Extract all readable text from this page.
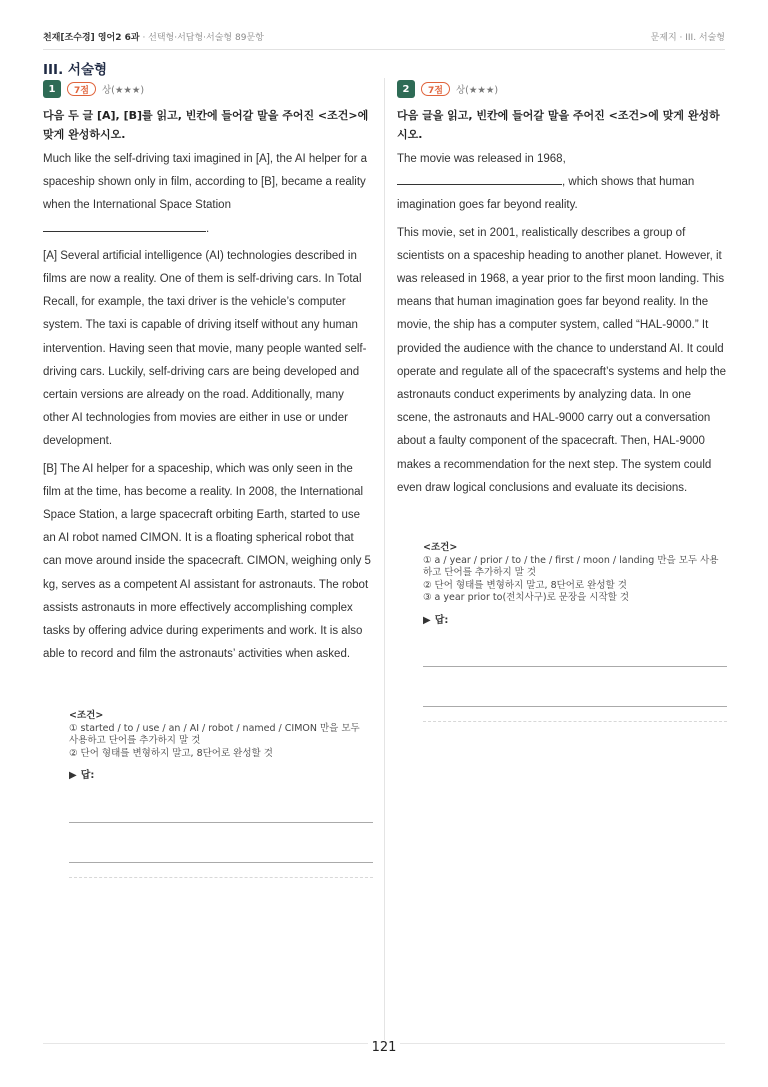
천재[조수경] 영어2 6과 · 선택형·서답형·서술형 89문항	문제지 · III. 서술형
III. 서술형
1	7점	상(★★★)
다음 두 글 [A], [B]를 읽고, 빈칸에 들어갈 말을 주어진 <조건>에 맞게 완성하시오.
Much like the self-driving taxi imagined in [A], the AI helper for a spaceship shown only in film, according to [B], became a reality when the International Space Station
.
[A] Several artificial intelligence (AI) technologies described in films are now a reality. One of them is self-driving cars. In Total Recall, for example, the taxi driver is the vehicle’s computer system. The taxi is capable of driving itself without any human intervention. Having seen that movie, many people wanted self-driving cars. Luckily, self-driving cars are being developed and certain versions are already on the road. Additionally, many other AI technologies from movies are either in use or under development.
[B] The AI helper for a spaceship, which was only seen in the film at the time, has become a reality. In 2008, the International Space Station, a large spacecraft orbiting Earth, started to use an AI robot named CIMON. It is a floating spherical robot that can move around inside the spacecraft. CIMON, weighing only 5 kg, serves as a competent AI assistant for astronauts. The robot assists astronauts in more effectively accomplishing complex tasks by offering advice during experiments and work. It is also able to record and film the astronauts’ activities when asked.
<조건>
① started / to / use / an / AI / robot / named / CIMON 만을 모두 사용하고 단어를 추가하지 말 것
② 단어 형태를 변형하지 말고, 8단어로 완성할 것
▶ 답:
2	7점	상(★★★)
다음 글을 읽고, 빈칸에 들어갈 말을 주어진 <조건>에 맞게 완성하시오.
The movie was released in 1968,
, which shows that human imagination goes far beyond reality.
This movie, set in 2001, realistically describes a group of scientists on a spaceship heading to another planet. However, it was released in 1968, a year prior to the first moon landing. This means that human imagination goes far beyond reality. In the movie, the ship has a computer system, called “HAL-9000.” It provided the audience with the chance to understand AI. It could operate and regulate all of the spacecraft’s systems and help the astronauts conduct experiments by analyzing data. In one scene, the astronauts and HAL-9000 carry out a conversation about a faulty component of the spacecraft. Then, HAL-9000 makes a recommendation for the next step. The system could even draw logical conclusions and evaluate its decisions.
<조건>
① a / year / prior / to / the / first / moon / landing 만을 모두 사용하고 단어를 추가하지 말 것
② 단어 형태를 변형하지 말고, 8단어로 완성할 것
③ a year prior to(전치사구)로 문장을 시작할 것
▶ 답:
121
